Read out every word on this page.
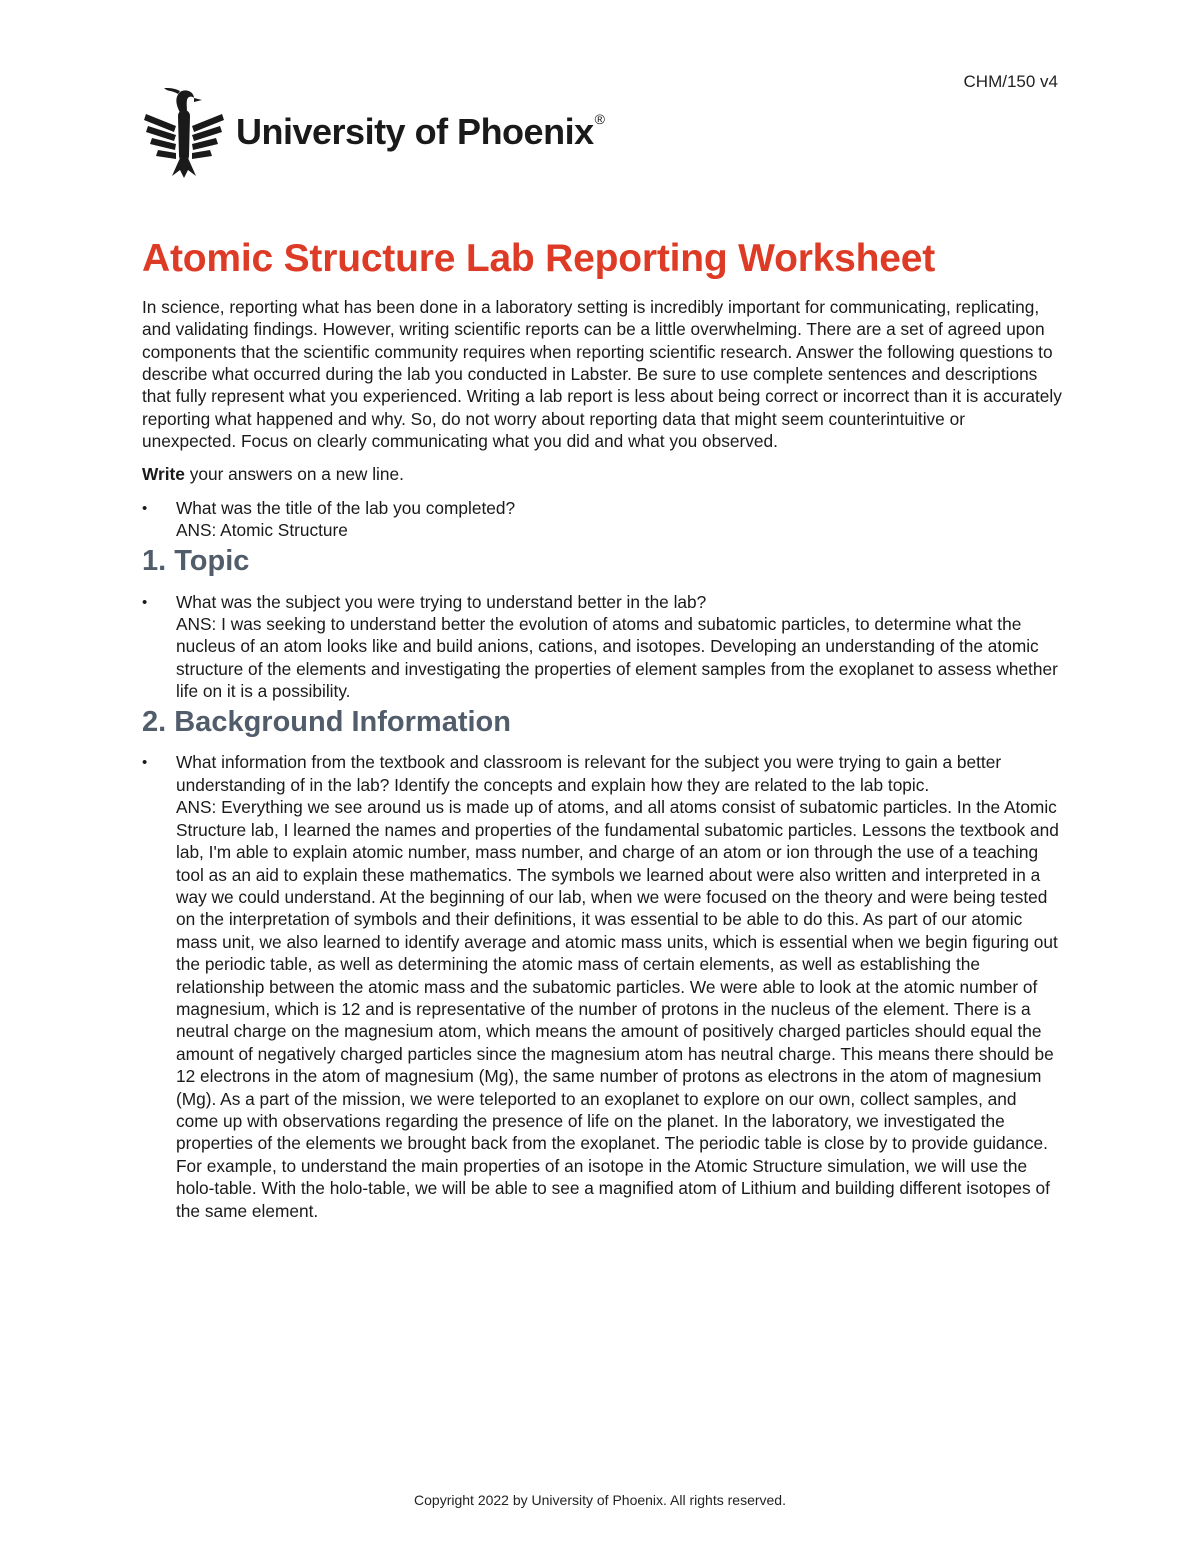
CHM/150 v4
University of Phoenix®
Atomic Structure Lab Reporting Worksheet

In science, reporting what has been done in a laboratory setting is incredibly important for communicating, replicating, and validating findings. However, writing scientific reports can be a little overwhelming. There are a set of agreed upon components that the scientific community requires when reporting scientific research. Answer the following questions to describe what occurred during the lab you conducted in Labster. Be sure to use complete sentences and descriptions that fully represent what you experienced. Writing a lab report is less about being correct or incorrect than it is accurately reporting what happened and why. So, do not worry about reporting data that might seem counterintuitive or unexpected. Focus on clearly communicating what you did and what you observed.

Write your answers on a new line.

• What was the title of the lab you completed?
ANS: Atomic Structure
1. Topic
• What was the subject you were trying to understand better in the lab?
ANS: I was seeking to understand better the evolution of atoms and subatomic particles, to determine what the nucleus of an atom looks like and build anions, cations, and isotopes. Developing an understanding of the atomic structure of the elements and investigating the properties of element samples from the exoplanet to assess whether life on it is a possibility.
2. Background Information
• What information from the textbook and classroom is relevant for the subject you were trying to gain a better understanding of in the lab? Identify the concepts and explain how they are related to the lab topic.
ANS: Everything we see around us is made up of atoms, and all atoms consist of subatomic particles. In the Atomic Structure lab, I learned the names and properties of the fundamental subatomic particles. Lessons the textbook and lab, I'm able to explain atomic number, mass number, and charge of an atom or ion through the use of a teaching tool as an aid to explain these mathematics. The symbols we learned about were also written and interpreted in a way we could understand. At the beginning of our lab, when we were focused on the theory and were being tested on the interpretation of symbols and their definitions, it was essential to be able to do this. As part of our atomic mass unit, we also learned to identify average and atomic mass units, which is essential when we begin figuring out the periodic table, as well as determining the atomic mass of certain elements, as well as establishing the relationship between the atomic mass and the subatomic particles. We were able to look at the atomic number of magnesium, which is 12 and is representative of the number of protons in the nucleus of the element. There is a neutral charge on the magnesium atom, which means the amount of positively charged particles should equal the amount of negatively charged particles since the magnesium atom has neutral charge. This means there should be 12 electrons in the atom of magnesium (Mg), the same number of protons as electrons in the atom of magnesium (Mg). As a part of the mission, we were teleported to an exoplanet to explore on our own, collect samples, and come up with observations regarding the presence of life on the planet. In the laboratory, we investigated the properties of the elements we brought back from the exoplanet. The periodic table is close by to provide guidance. For example, to understand the main properties of an isotope in the Atomic Structure simulation, we will use the holo-table. With the holo-table, we will be able to see a magnified atom of Lithium and building different isotopes of the same element.
Copyright 2022 by University of Phoenix. All rights reserved.
